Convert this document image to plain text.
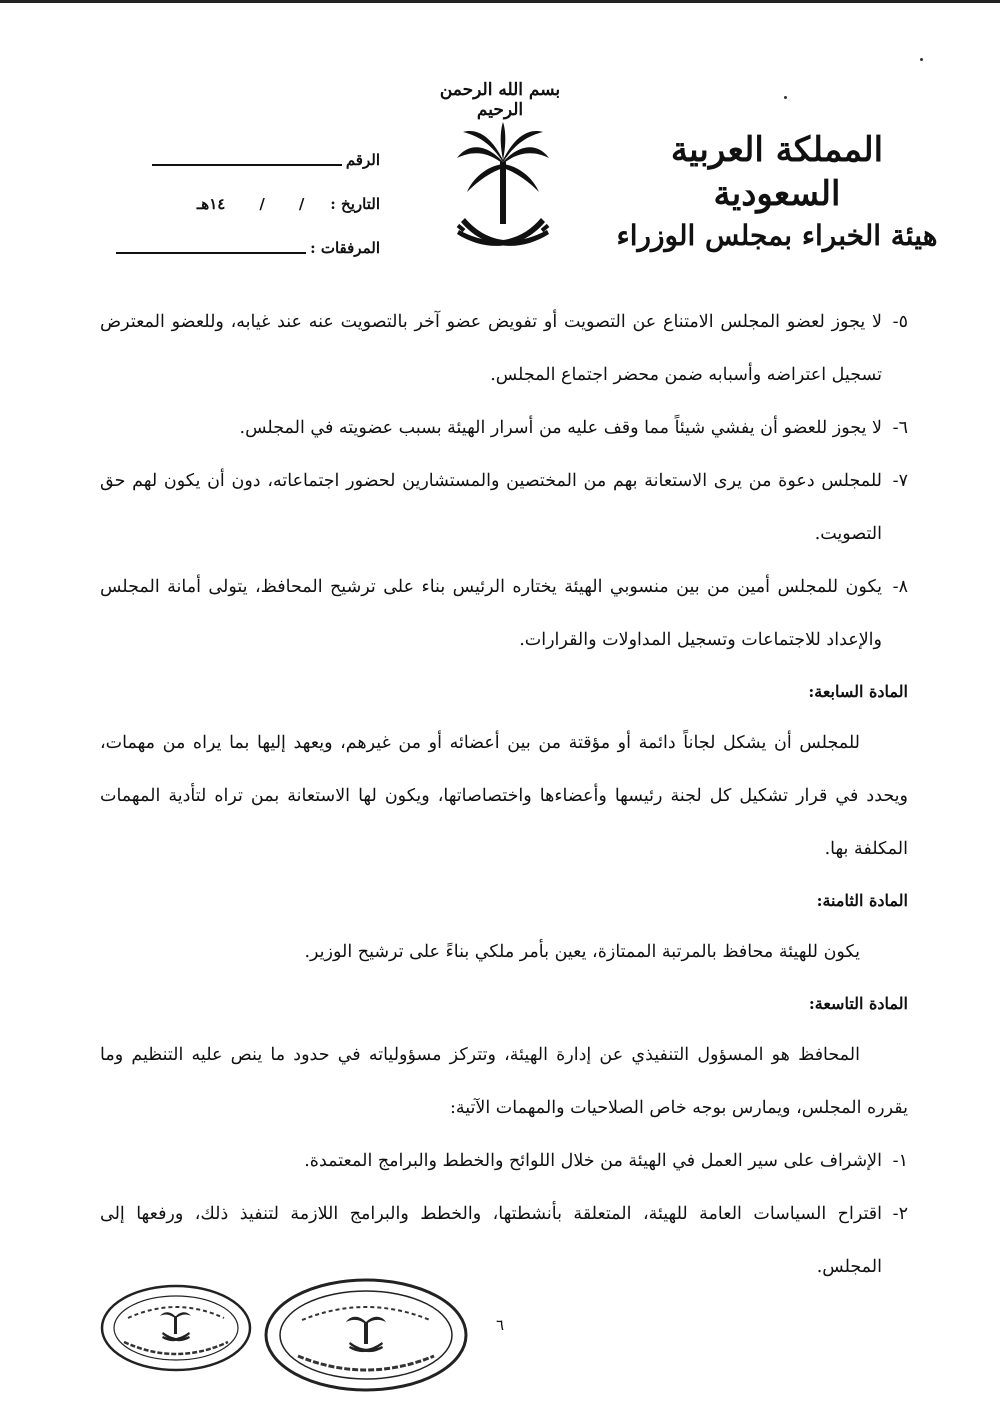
المملكة العربية السعودية
هيئة الخبراء بمجلس الوزراء
بسم الله الرحمن الرحيم
الرقم
التاريخ :
/
/
١٤هـ
المرفقات :
٥-
لا يجوز لعضو المجلس الامتناع عن التصويت أو تفويض عضو آخر بالتصويت عنه عند غيابه، وللعضو المعترض تسجيل اعتراضه وأسبابه ضمن محضر اجتماع المجلس.
٦-
لا يجوز للعضو أن يفشي شيئاً مما وقف عليه من أسرار الهيئة بسبب عضويته في المجلس.
٧-
للمجلس دعوة من يرى الاستعانة بهم من المختصين والمستشارين لحضور اجتماعاته، دون أن يكون لهم حق التصويت.
٨-
يكون للمجلس أمين من بين منسوبي الهيئة يختاره الرئيس بناء على ترشيح المحافظ، يتولى أمانة المجلس والإعداد للاجتماعات وتسجيل المداولات والقرارات.
المادة السابعة:
للمجلس أن يشكل لجاناً دائمة أو مؤقتة من بين أعضائه أو من غيرهم، ويعهد إليها بما يراه من مهمات، ويحدد في قرار تشكيل كل لجنة رئيسها وأعضاءها واختصاصاتها، ويكون لها الاستعانة بمن تراه لتأدية المهمات المكلفة بها.
المادة الثامنة:
يكون للهيئة محافظ بالمرتبة الممتازة، يعين بأمر ملكي بناءً على ترشيح الوزير.
المادة التاسعة:
المحافظ هو المسؤول التنفيذي عن إدارة الهيئة، وتتركز مسؤولياته في حدود ما ينص عليه التنظيم وما يقرره المجلس، ويمارس بوجه خاص الصلاحيات والمهمات الآتية:
١-
الإشراف على سير العمل في الهيئة من خلال اللوائح والخطط والبرامج المعتمدة.
٢-
اقتراح السياسات العامة للهيئة، المتعلقة بأنشطتها، والخطط والبرامج اللازمة لتنفيذ ذلك، ورفعها إلى المجلس.
٦
